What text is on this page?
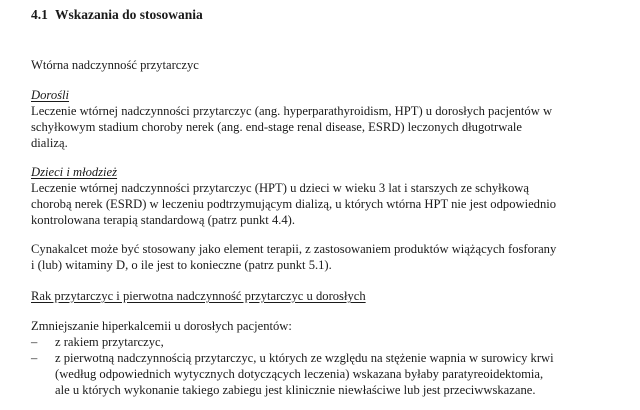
4.1 Wskazania do stosowania
Wtórna nadczynność przytarczyc
Dorośli
Leczenie wtórnej nadczynności przytarczyc (ang. hyperparathyroidism, HPT) u dorosłych pacjentów w
schyłkowym stadium choroby nerek (ang. end-stage renal disease, ESRD) leczonych długotrwale
dializą.
Dzieci i młodzież
Leczenie wtórnej nadczynności przytarczyc (HPT) u dzieci w wieku 3 lat i starszych ze schyłkową
chorobą nerek (ESRD) w leczeniu podtrzymującym dializą, u których wtórna HPT nie jest odpowiednio
kontrolowana terapią standardową (patrz punkt 4.4).
Cynakalcet może być stosowany jako element terapii, z zastosowaniem produktów wiążących fosforany
i (lub) witaminy D, o ile jest to konieczne (patrz punkt 5.1).
Rak przytarczyc i pierwotna nadczynność przytarczyc u dorosłych
Zmniejszanie hiperkalcemii u dorosłych pacjentów:
– z rakiem przytarczyc,
– z pierwotną nadczynnością przytarczyc, u których ze względu na stężenie wapnia w surowicy krwi
(według odpowiednich wytycznych dotyczących leczenia) wskazana byłaby paratyreoidektomia,
ale u których wykonanie takiego zabiegu jest klinicznie niewłaściwe lub jest przeciwwskazane.
